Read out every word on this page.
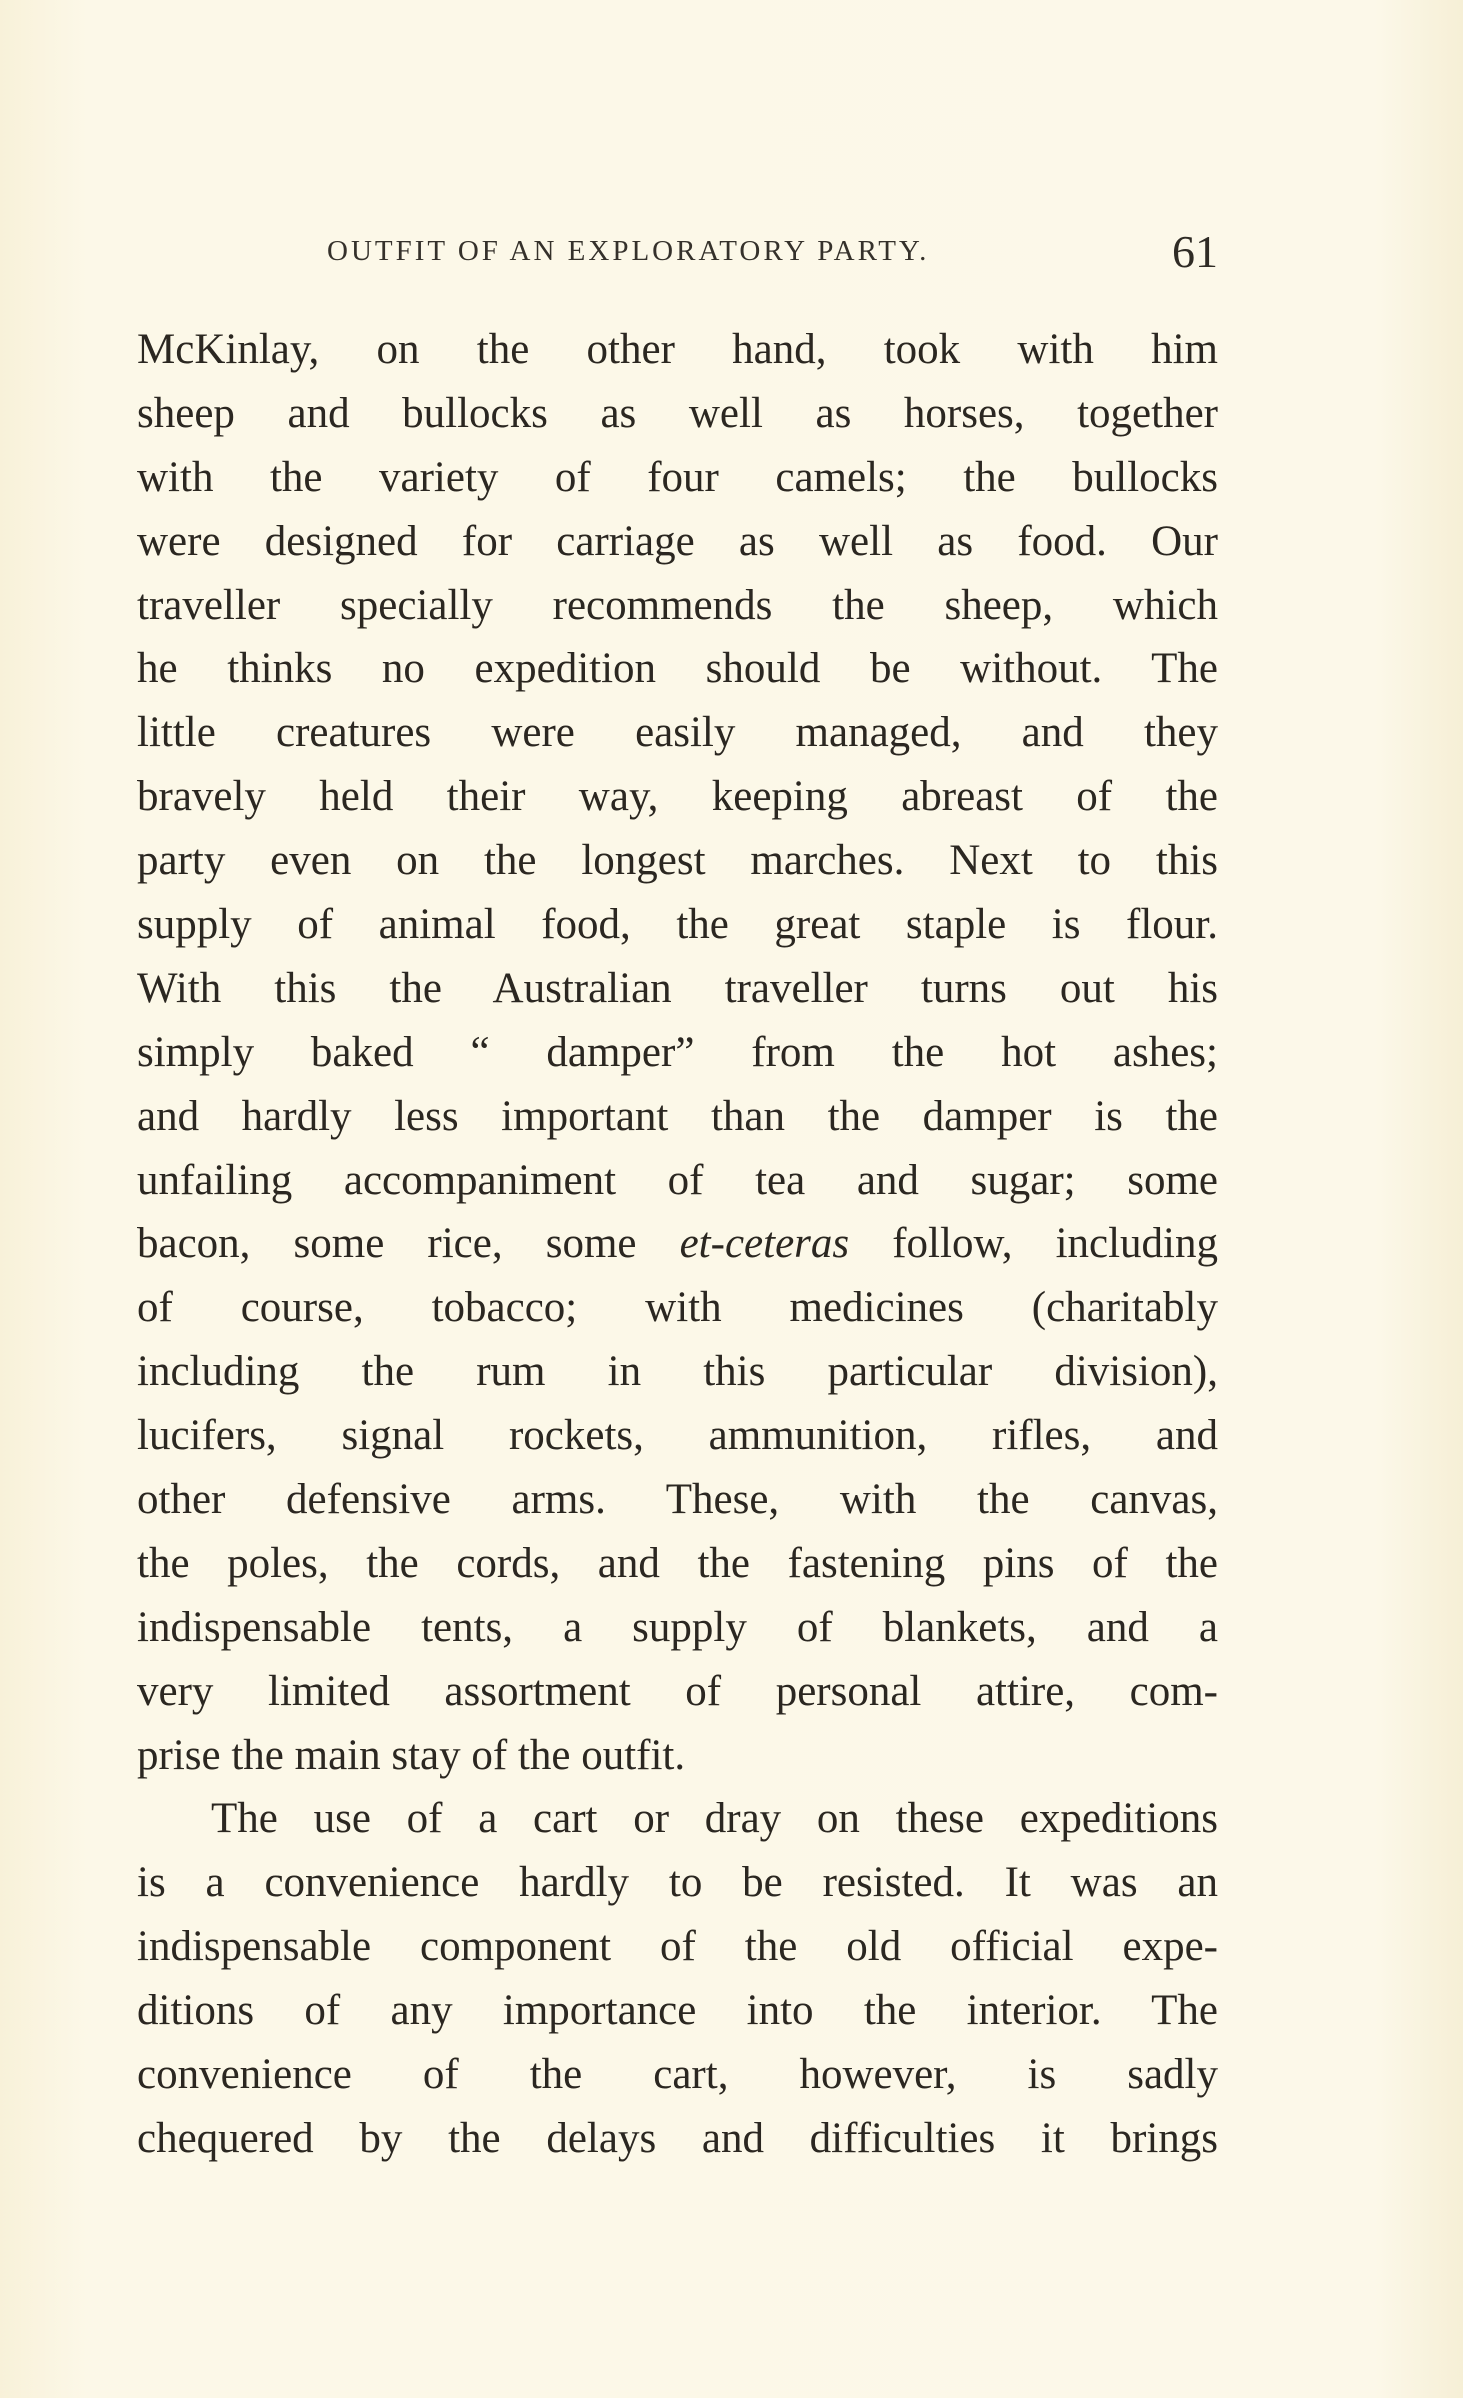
OUTFIT OF AN EXPLORATORY PARTY.	61
McKinlay, on the other hand, took with him
sheep and bullocks as well as horses, together
with the variety of four camels; the bullocks
were designed for carriage as well as food. Our
traveller specially recommends the sheep, which
he thinks no expedition should be without. The
little creatures were easily managed, and they
bravely held their way, keeping abreast of the
party even on the longest marches. Next to this
supply of animal food, the great staple is flour.
With this the Australian traveller turns out his
simply baked “ damper” from the hot ashes;
and hardly less important than the damper is the
unfailing accompaniment of tea and sugar; some
bacon, some rice, some et-ceteras follow, including
of course, tobacco; with medicines (charitably
including the rum in this particular division),
lucifers, signal rockets, ammunition, rifles, and
other defensive arms. These, with the canvas,
the poles, the cords, and the fastening pins of the
indispensable tents, a supply of blankets, and a
very limited assortment of personal attire, com-
prise the main stay of the outfit.
The use of a cart or dray on these expeditions
is a convenience hardly to be resisted. It was an
indispensable component of the old official expe-
ditions of any importance into the interior. The
convenience of the cart, however, is sadly
chequered by the delays and difficulties it brings
